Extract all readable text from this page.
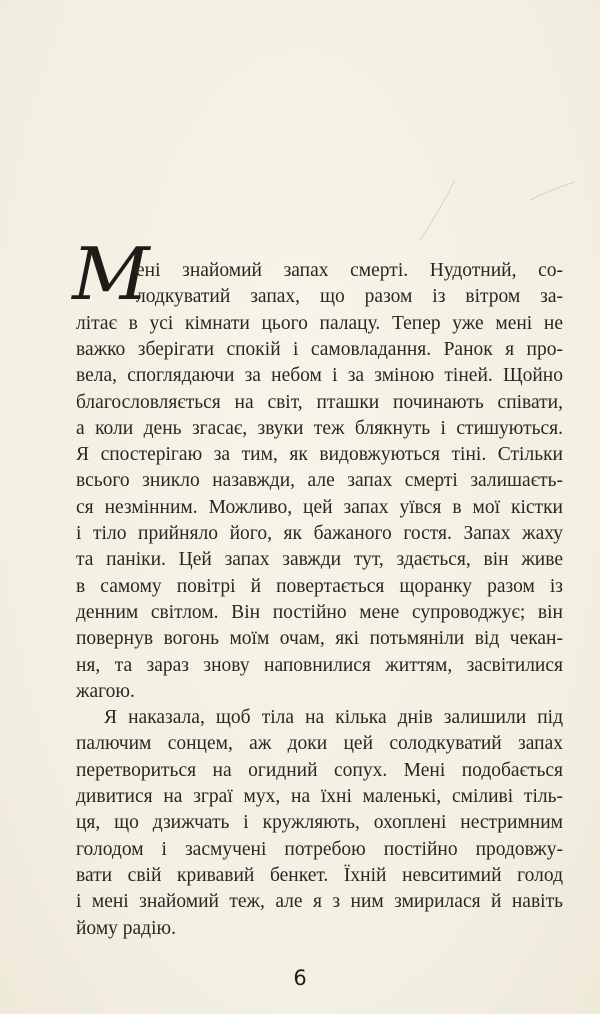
М
ені знайомий запах смерті. Нудотний, со-
лодкуватий запах, що разом із вітром за-
літає в усі кімнати цього палацу. Тепер уже мені не
важко зберігати спокій і самовладання. Ранок я про-
вела, споглядаючи за небом і за зміною тіней. Щойно
благословляється на світ, пташки починають співати,
а коли день згасає, звуки теж блякнуть і стишуються.
Я спостерігаю за тим, як видовжуються тіні. Стільки
всього зникло назавжди, але запах смерті залишаєть-
ся незмінним. Можливо, цей запах уївся в мої кістки
і тіло прийняло його, як бажаного гостя. Запах жаху
та паніки. Цей запах завжди тут, здається, він живе
в самому повітрі й повертається щоранку разом із
денним світлом. Він постійно мене супроводжує; він
повернув вогонь моїм очам, які потьмяніли від чекан-
ня, та зараз знову наповнилися життям, засвітилися
жагою.
Я наказала, щоб тіла на кілька днів залишили під
палючим сонцем, аж доки цей солодкуватий запах
перетвориться на огидний сопух. Мені подобається
дивитися на зграї мух, на їхні маленькі, сміливі тіль-
ця, що дзижчать і кружляють, охоплені нестримним
голодом і засмучені потребою постійно продовжу-
вати свій кривавий бенкет. Їхній невситимий голод
і мені знайомий теж, але я з ним змирилася й навіть
йому радію.
6
